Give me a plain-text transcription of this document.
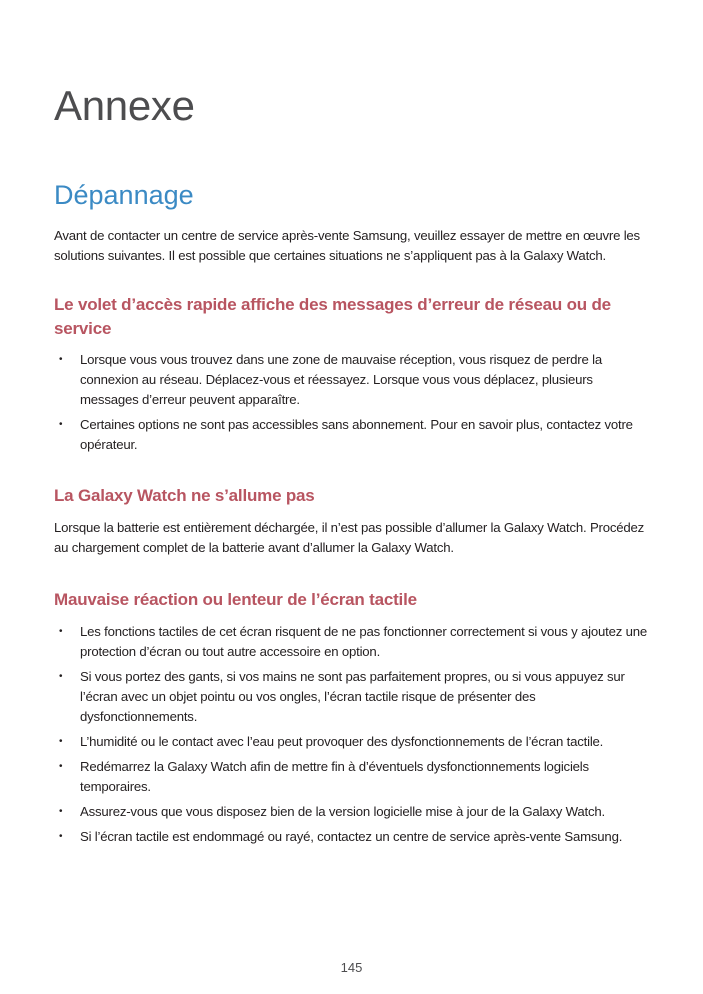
Annexe
Dépannage

Avant de contacter un centre de service après-vente Samsung, veuillez essayer de mettre en œuvre les solutions suivantes. Il est possible que certaines situations ne s’appliquent pas à la Galaxy Watch.

Le volet d’accès rapide affiche des messages d’erreur de réseau ou de service
• Lorsque vous vous trouvez dans une zone de mauvaise réception, vous risquez de perdre la connexion au réseau. Déplacez-vous et réessayez. Lorsque vous vous déplacez, plusieurs messages d’erreur peuvent apparaître.
• Certaines options ne sont pas accessibles sans abonnement. Pour en savoir plus, contactez votre opérateur.
La Galaxy Watch ne s’allume pas

Lorsque la batterie est entièrement déchargée, il n’est pas possible d’allumer la Galaxy Watch. Procédez au chargement complet de la batterie avant d’allumer la Galaxy Watch.

Mauvaise réaction ou lenteur de l’écran tactile
• Les fonctions tactiles de cet écran risquent de ne pas fonctionner correctement si vous y ajoutez une protection d’écran ou tout autre accessoire en option.
• Si vous portez des gants, si vos mains ne sont pas parfaitement propres, ou si vous appuyez sur l’écran avec un objet pointu ou vos ongles, l’écran tactile risque de présenter des dysfonctionnements.
• L’humidité ou le contact avec l’eau peut provoquer des dysfonctionnements de l’écran tactile.
• Redémarrez la Galaxy Watch afin de mettre fin à d’éventuels dysfonctionnements logiciels temporaires.
• Assurez-vous que vous disposez bien de la version logicielle mise à jour de la Galaxy Watch.
• Si l’écran tactile est endommagé ou rayé, contactez un centre de service après-vente Samsung.
145
